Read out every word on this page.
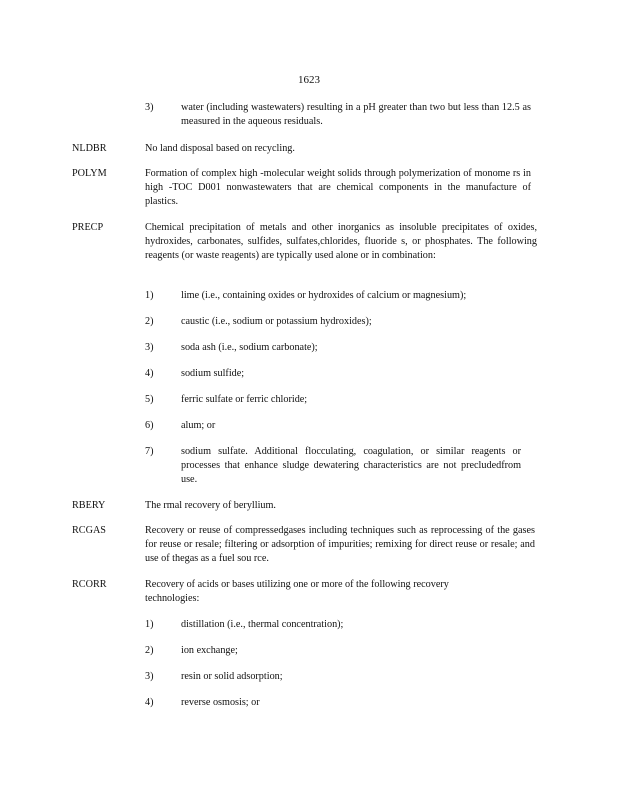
1623
3)	water (including wastewaters) resulting in a pH greater than two but less than 12.5 as measured in the aqueous residuals.
NLDBR	No land disposal based on recycling.
POLYM	Formation of complex high -molecular weight solids through polymerization of monome rs in high -TOC D001 nonwastewaters that are chemical components in the manufacture of plastics.
PRECP	Chemical precipitation of metals and other inorganics as insoluble precipitates of oxides, hydroxides, carbonates, sulfides, sulfates,chlorides, fluoride s, or phosphates. The following reagents (or waste reagents) are typically used alone or in combination:
1)	lime (i.e., containing oxides or hydroxides of calcium or magnesium);
2)	caustic (i.e., sodium or potassium hydroxides);
3)	soda ash (i.e., sodium carbonate);
4)	sodium sulfide;
5)	ferric sulfate or ferric chloride;
6)	alum; or
7)	sodium sulfate. Additional flocculating, coagulation, or similar reagents or processes that enhance sludge dewatering characteristics are not precludedfrom use.
RBERY	The rmal recovery of beryllium.
RCGAS	Recovery or reuse of compressedgases including techniques such as reprocessing of the gases for reuse or resale; filtering or adsorption of impurities; remixing for direct reuse or resale; and use of thegas as a fuel sou rce.
RCORR	Recovery of acids or bases utilizing one or more of the following recovery technologies:
1)	distillation (i.e., thermal concentration);
2)	ion exchange;
3)	resin or solid adsorption;
4)	reverse osmosis; or
